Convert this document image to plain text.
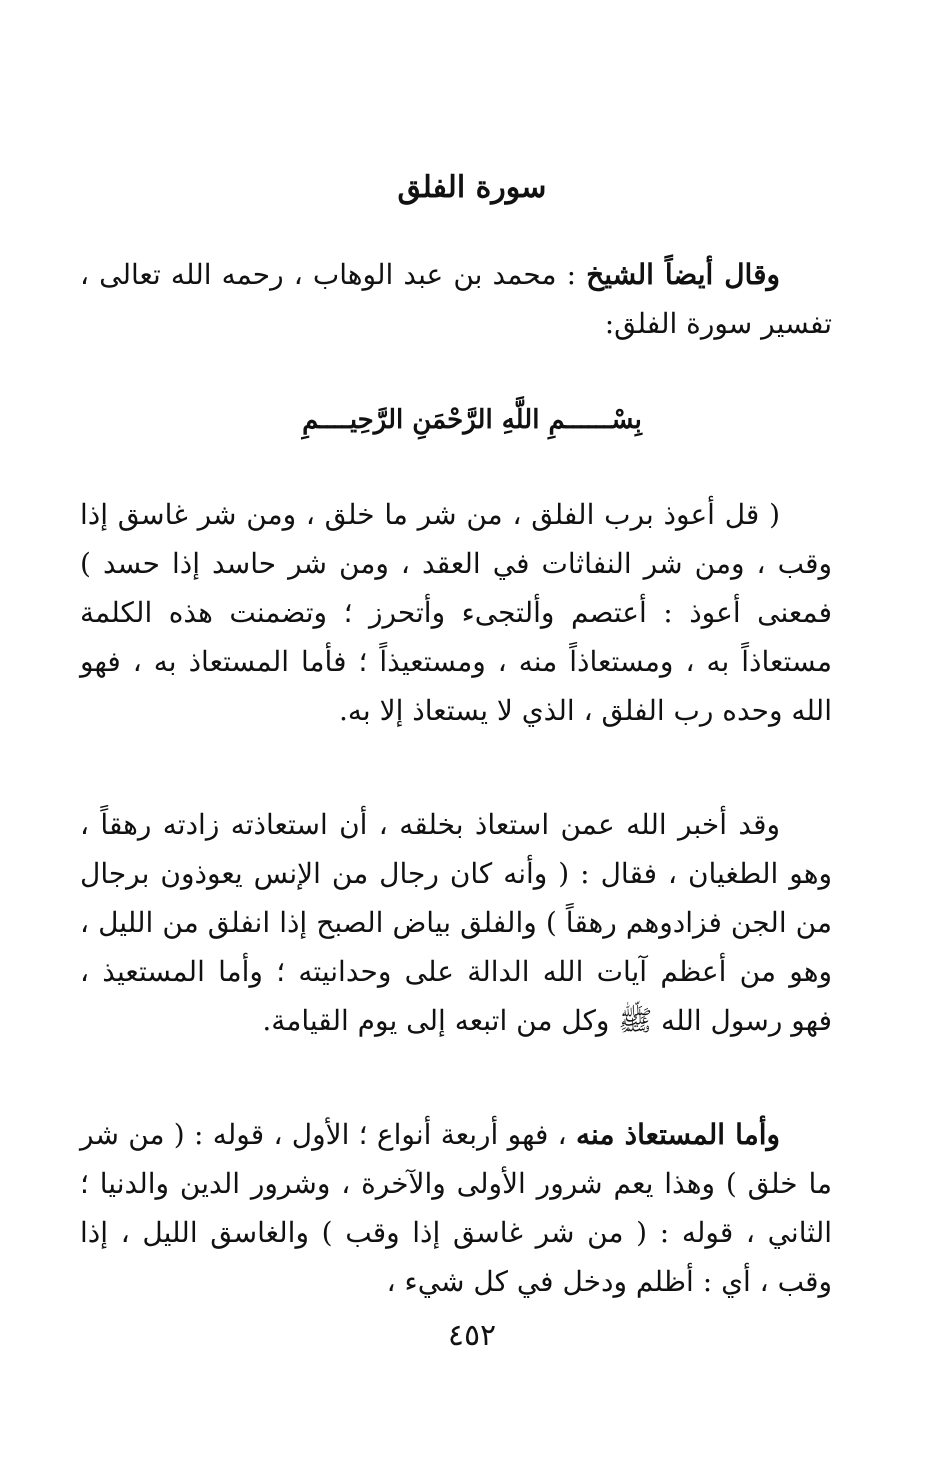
سورة الفلق

وقال أيضاً الشيخ : محمد بن عبد الوهاب ، رحمه الله تعالى ، تفسير سورة الفلق:

بِسْــــــمِ اللَّهِ الرَّحْمَنِ الرَّحِيــــمِ

( قل أعوذ برب الفلق ، من شر ما خلق ، ومن شر غاسق إذا وقب ، ومن شر النفاثات في العقد ، ومن شر حاسد إذا حسد ) فمعنى أعوذ : أعتصم وألتجىء وأتحرز ؛ وتضمنت هذه الكلمة مستعاذاً به ، ومستعاذاً منه ، ومستعيذاً ؛ فأما المستعاذ به ، فهو الله وحده رب الفلق ، الذي لا يستعاذ إلا به.

وقد أخبر الله عمن استعاذ بخلقه ، أن استعاذته زادته رهقاً ، وهو الطغيان ، فقال : ( وأنه كان رجال من الإنس يعوذون برجال من الجن فزادوهم رهقاً ) والفلق بياض الصبح إذا انفلق من الليل ، وهو من أعظم آيات الله الدالة على وحدانيته ؛ وأما المستعيذ ، فهو رسول الله ﷺ وكل من اتبعه إلى يوم القيامة.

وأما المستعاذ منه ، فهو أربعة أنواع ؛ الأول ، قوله : ( من شر ما خلق ) وهذا يعم شرور الأولى والآخرة ، وشرور الدين والدنيا ؛ الثاني ، قوله : ( من شر غاسق إذا وقب ) والغاسق الليل ، إذا وقب ، أي : أظلم ودخل في كل شيء ،

٤٥٢
